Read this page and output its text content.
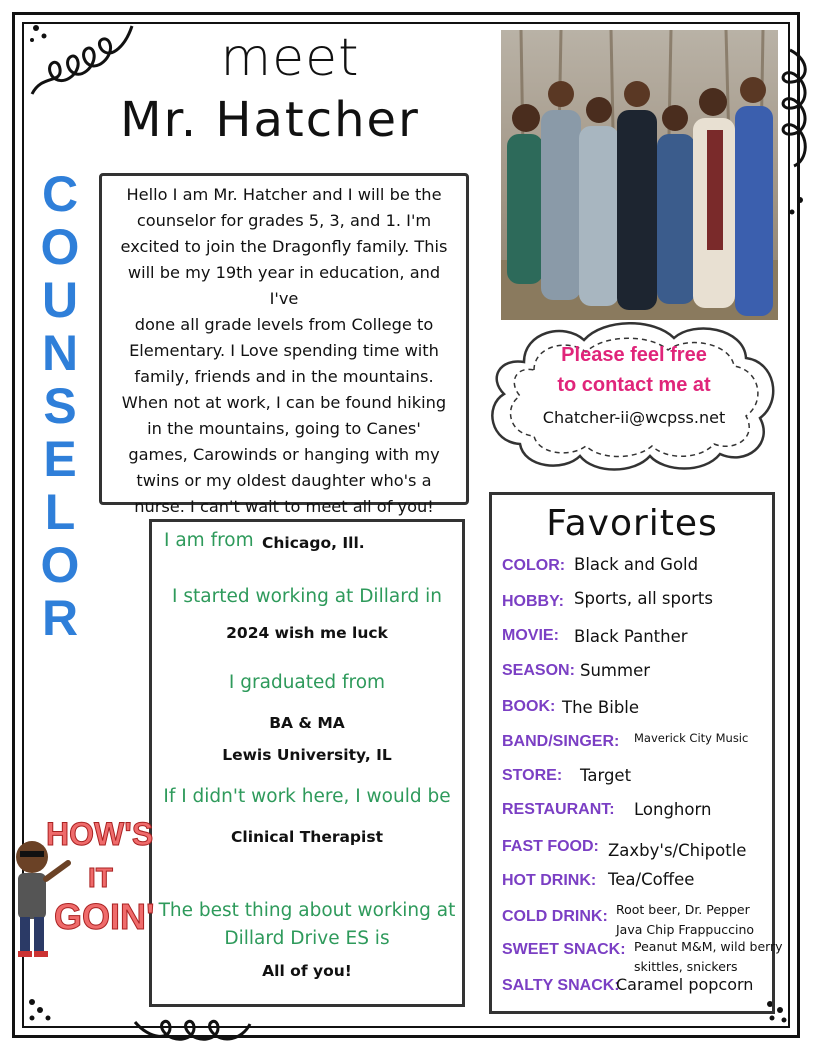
meet
Mr. Hatcher
C
O
U
N
S
E
L
O
R
Hello I am Mr. Hatcher and I will be the
counselor for grades 5, 3, and 1. I'm
excited to join the Dragonfly family. This
will be my 19th year in education, and I've
done all grade levels from College to
Elementary. I Love spending time with
family, friends and in the mountains.
When not at work, I can be found hiking
in the mountains, going to Canes'
games, Carowinds or hanging with my
twins or my oldest daughter who's a
nurse. I can't wait to meet all of you!
Please feel free
to contact me at
Chatcher-ii@wcpss.net
I am from Chicago, Ill.
I started working at Dillard in
2024 wish me luck
I graduated from
BA & MA
Lewis University, IL
If I didn't work here, I would be
Clinical Therapist
The best thing about working at
Dillard Drive ES is
All of you!
Favorites
COLOR: Black and Gold
HOBBY: Sports, all sports
MOVIE: Black Panther
SEASON: Summer
BOOK: The Bible
BAND/SINGER: Maverick City Music
STORE: Target
RESTAURANT: Longhorn
FAST FOOD: Zaxby's/Chipotle
HOT DRINK: Tea/Coffee
COLD DRINK: Root beer, Dr. Pepper
Java Chip Frappuccino
SWEET SNACK: Peanut M&M, wild berry
skittles, snickers
SALTY SNACK:
Caramel popcorn
HOW'S
IT
GOIN'
